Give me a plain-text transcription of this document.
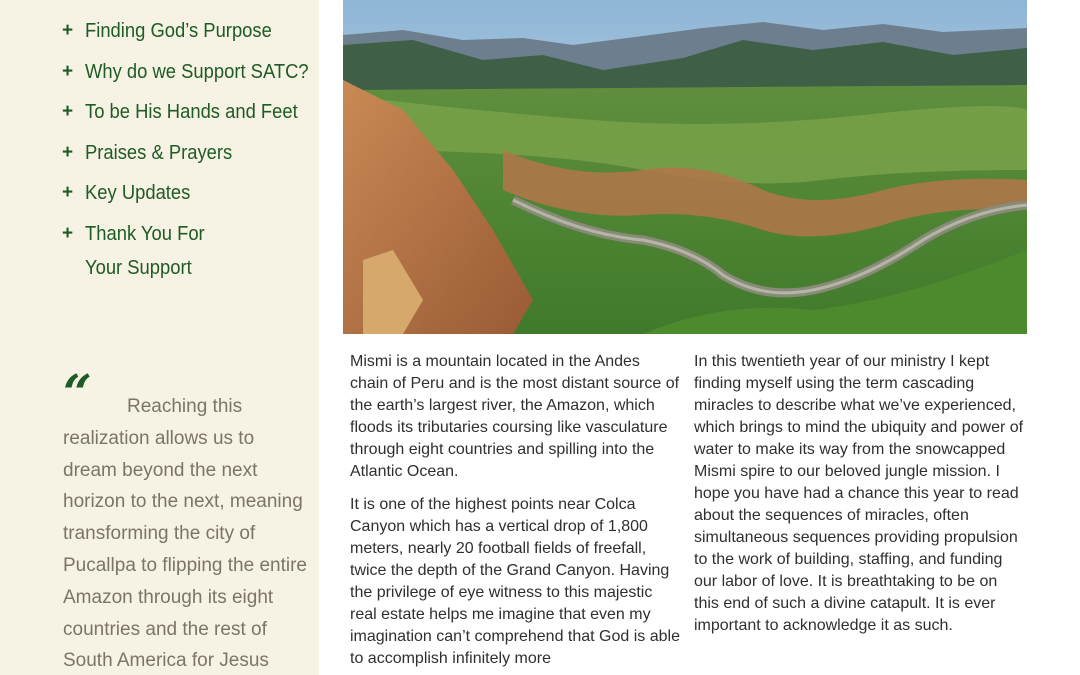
+ Finding God’s Purpose
+ Why do we Support SATC?
+ To be His Hands and Feet
+ Praises & Prayers
+ Key Updates
+ Thank You For
Your Support
“	Reaching this
realization allows us to dream beyond the next horizon to the next, meaning transforming the city of Pucallpa to flipping the entire Amazon through its eight countries and the rest of South America for Jesus

Mismi is a mountain located in the Andes chain of Peru and is the most distant source of the earth’s largest river, the Amazon, which floods its tributaries coursing like vasculature through eight countries and spilling into the Atlantic Ocean.

It is one of the highest points near Colca Canyon which has a vertical drop of 1,800 meters, nearly 20 football fields of freefall, twice the depth of the Grand Canyon. Having the privilege of eye witness to this majestic real estate helps me imagine that even my imagination can’t comprehend that God is able to accomplish infinitely more

In this twentieth year of our ministry I kept finding myself using the term cascading miracles to describe what we’ve experienced, which brings to mind the ubiquity and power of water to make its way from the snowcapped Mismi spire to our beloved jungle mission. I hope you have had a chance this year to read about the sequences of miracles, often simultaneous sequences providing propulsion to the work of building, staffing, and funding our labor of love. It is breathtaking to be on this end of such a divine catapult. It is ever important to acknowledge it as such.
